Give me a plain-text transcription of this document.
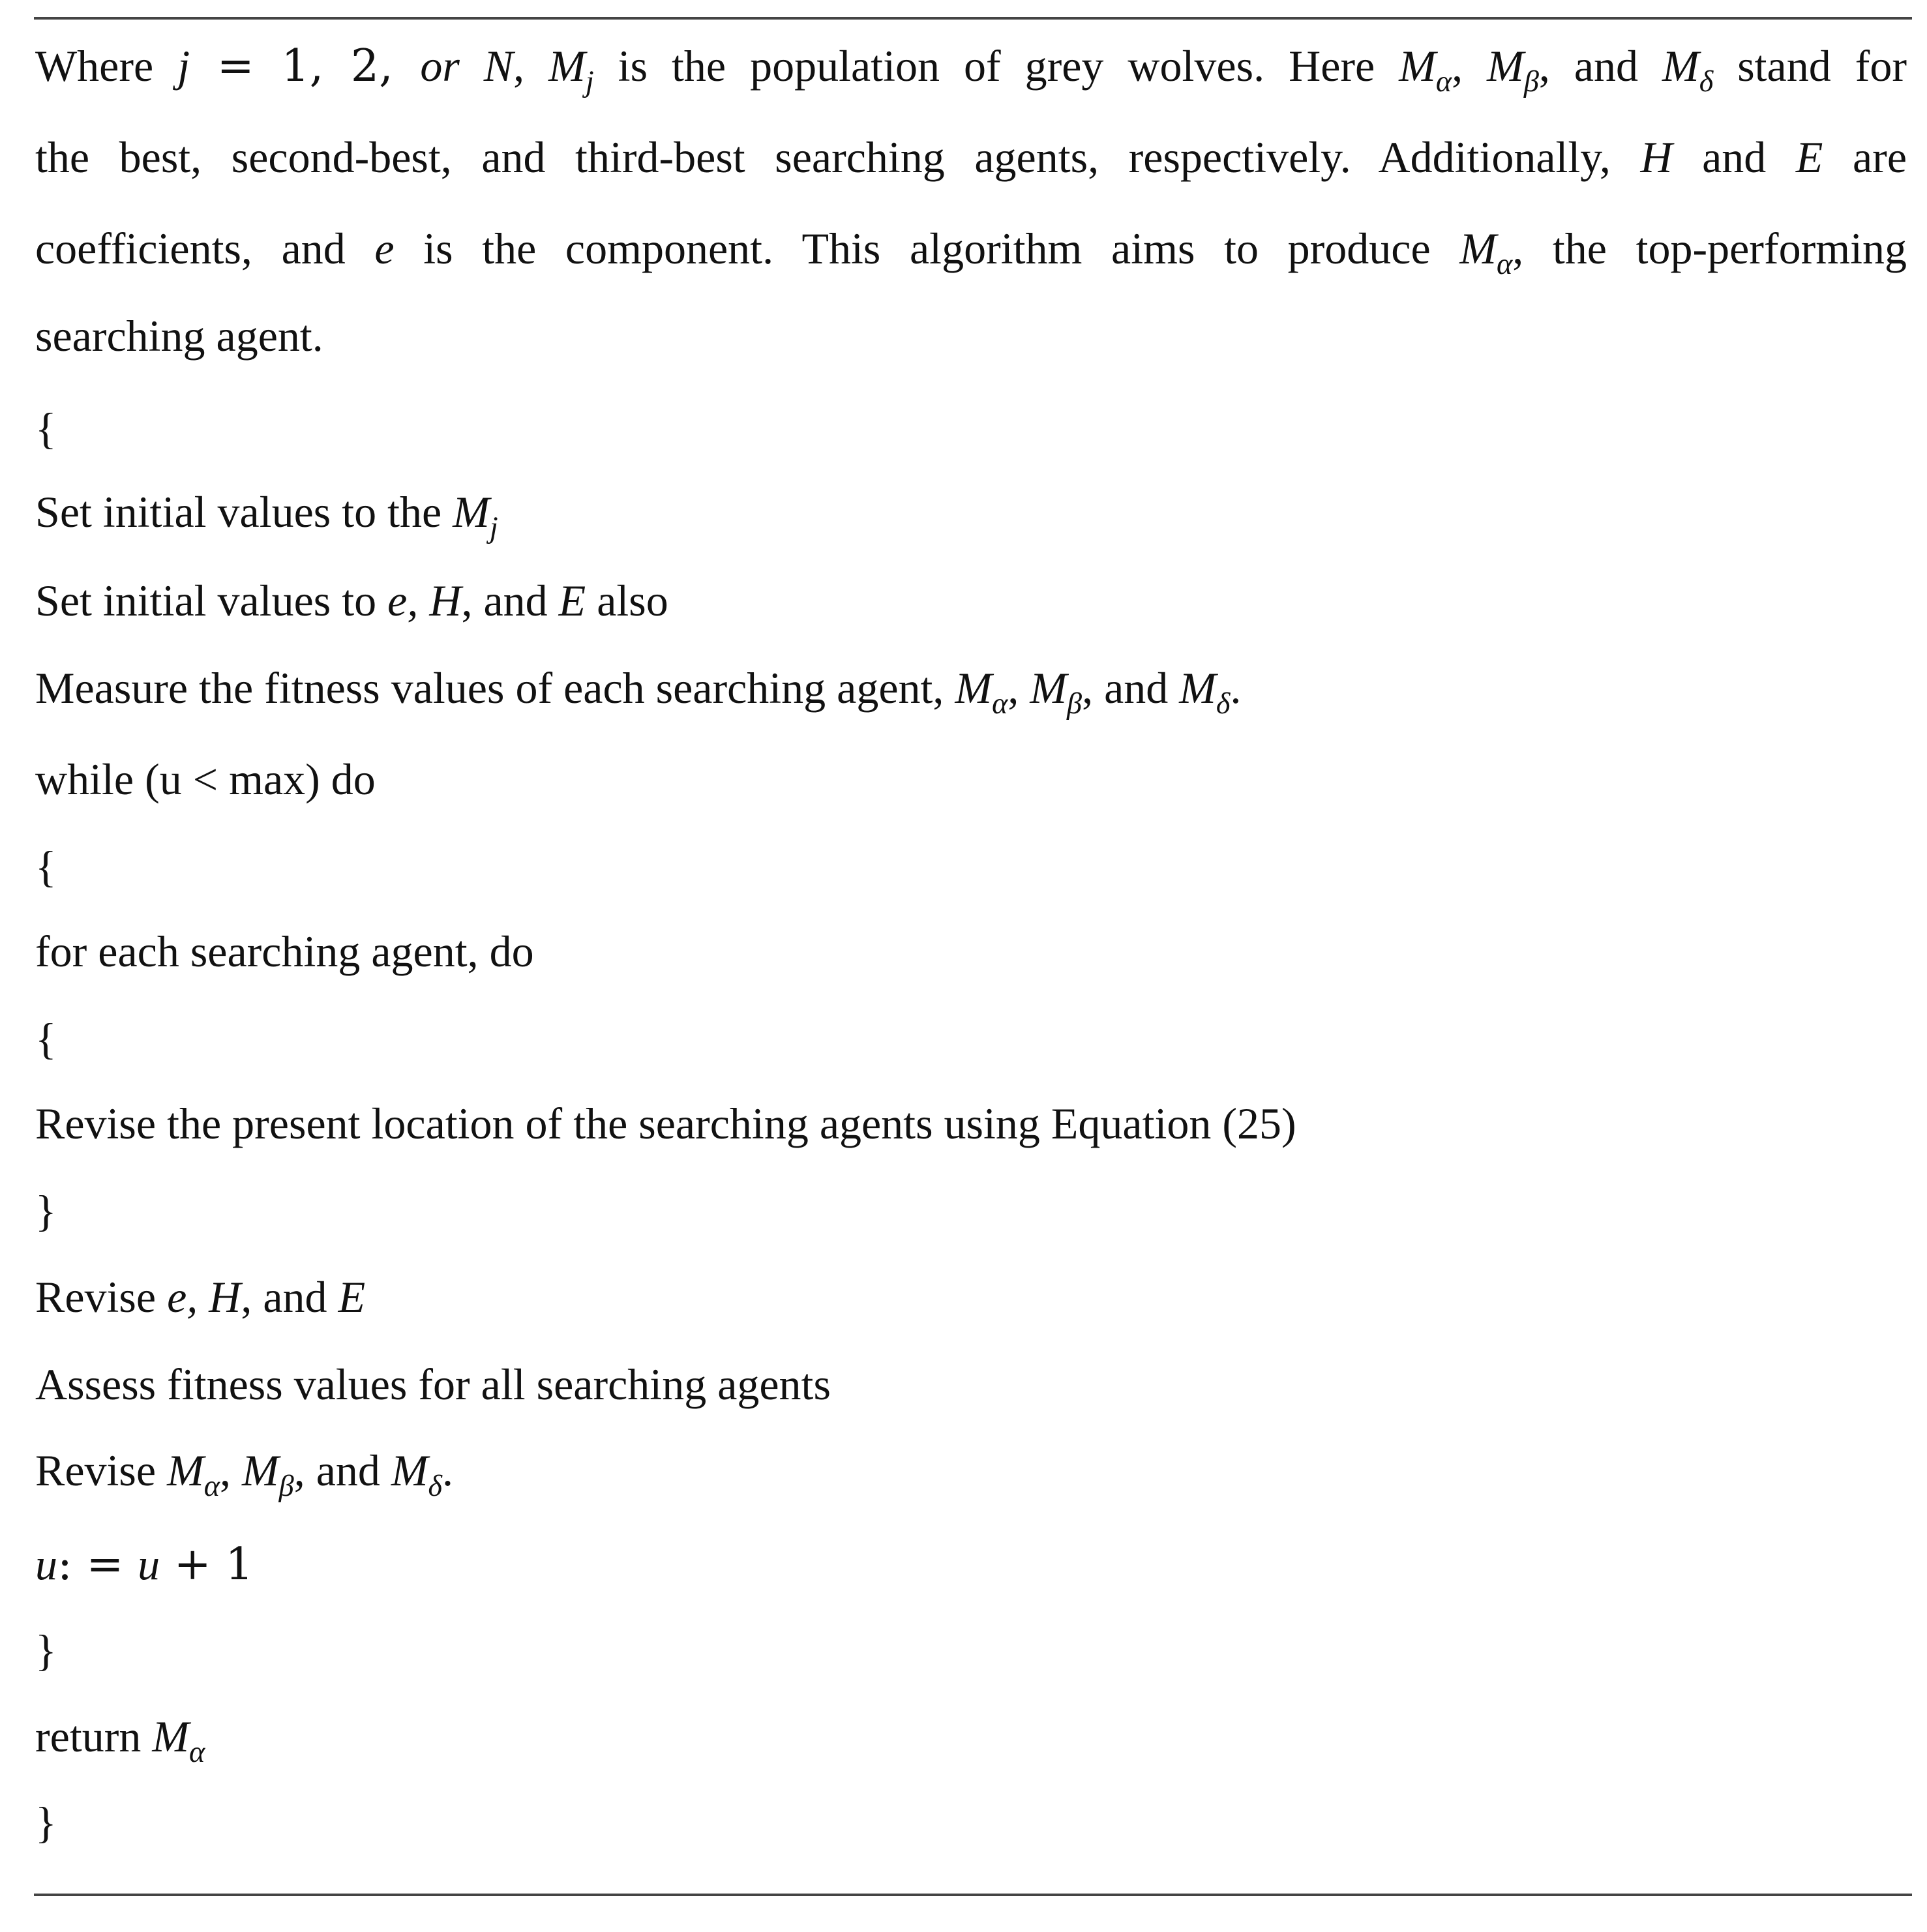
Where j = 1, 2, or N, $M_j$ is the population of grey wolves. Here $M_\alpha$, $M_\beta$, and $M_\delta$ stand for
the best, second-best, and third-best searching agents, respectively. Additionally, H and E are
coefficients, and e is the component. This algorithm aims to produce $M_\alpha$, the top-performing
searching agent.
{
Set initial values to the $M_j$
Set initial values to e, H, and E also
Measure the fitness values of each searching agent, $M_\alpha$, $M_\beta$, and $M_\delta$.
while (u < max) do
{
for each searching agent, do
{
Revise the present location of the searching agents using Equation (25)
}
Revise e, H, and E
Assess fitness values for all searching agents
Revise $M_\alpha$, $M_\beta$, and $M_\delta$.
u: = u + 1
}
return $M_\alpha$
}
